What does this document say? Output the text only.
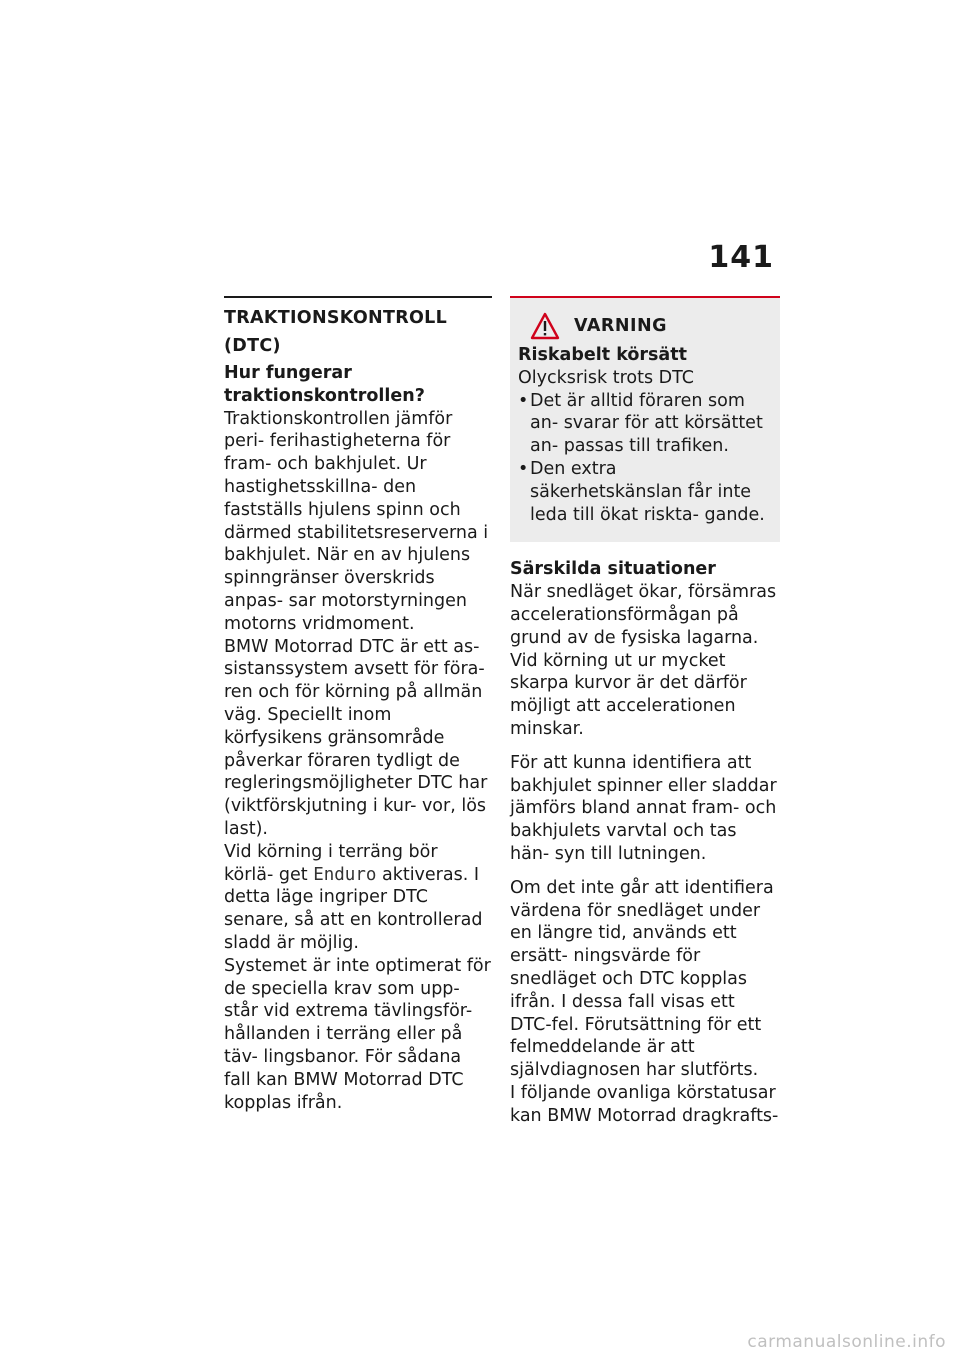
141
TRAKTIONSKONTROLL (DTC)
Hur fungerar traktionskontrollen?

Traktionskontrollen jämför peri- ferihastigheterna för fram- och bakhjulet. Ur hastighetsskillna- den fastställs hjulens spinn och därmed stabilitetsreserverna i bakhjulet. När en av hjulens spinngränser överskrids anpas- sar motorstyrningen motorns vridmoment.

BMW Motorrad DTC är ett as- sistanssystem avsett för föra- ren och för körning på allmän väg. Speciellt inom körfysikens gränsområde påverkar föraren tydligt de regleringsmöjligheter DTC har (viktförskjutning i kur- vor, lös last).

Vid körning i terräng bör körlä- get Enduro aktiveras. I detta läge ingriper DTC senare, så att en kontrollerad sladd är möjlig.

Systemet är inte optimerat för de speciella krav som upp- står vid extrema tävlingsför- hållanden i terräng eller på täv- lingsbanor. För sådana fall kan BMW Motorrad DTC kopplas ifrån.

VARNING
Riskabelt körsätt

Olycksrisk trots DTC

• Det är alltid föraren som an- svarar för att körsättet an- passas till trafiken.
• Den extra säkerhetskänslan får inte leda till ökat riskta- gande.
Särskilda situationer

När snedläget ökar, försämras accelerationsförmågan på grund av de fysiska lagarna. Vid körning ut ur mycket skarpa kurvor är det därför möjligt att accelerationen minskar.

För att kunna identifiera att bakhjulet spinner eller sladdar jämförs bland annat fram- och bakhjulets varvtal och tas hän- syn till lutningen.

Om det inte går att identifiera värdena för snedläget under en längre tid, används ett ersätt- ningsvärde för snedläget och DTC kopplas ifrån. I dessa fall visas ett DTC-fel. Förutsättning för ett felmeddelande är att självdiagnosen har slutförts.

I följande ovanliga körstatusar kan BMW Motorrad dragkrafts-

carmanualsonline.info
